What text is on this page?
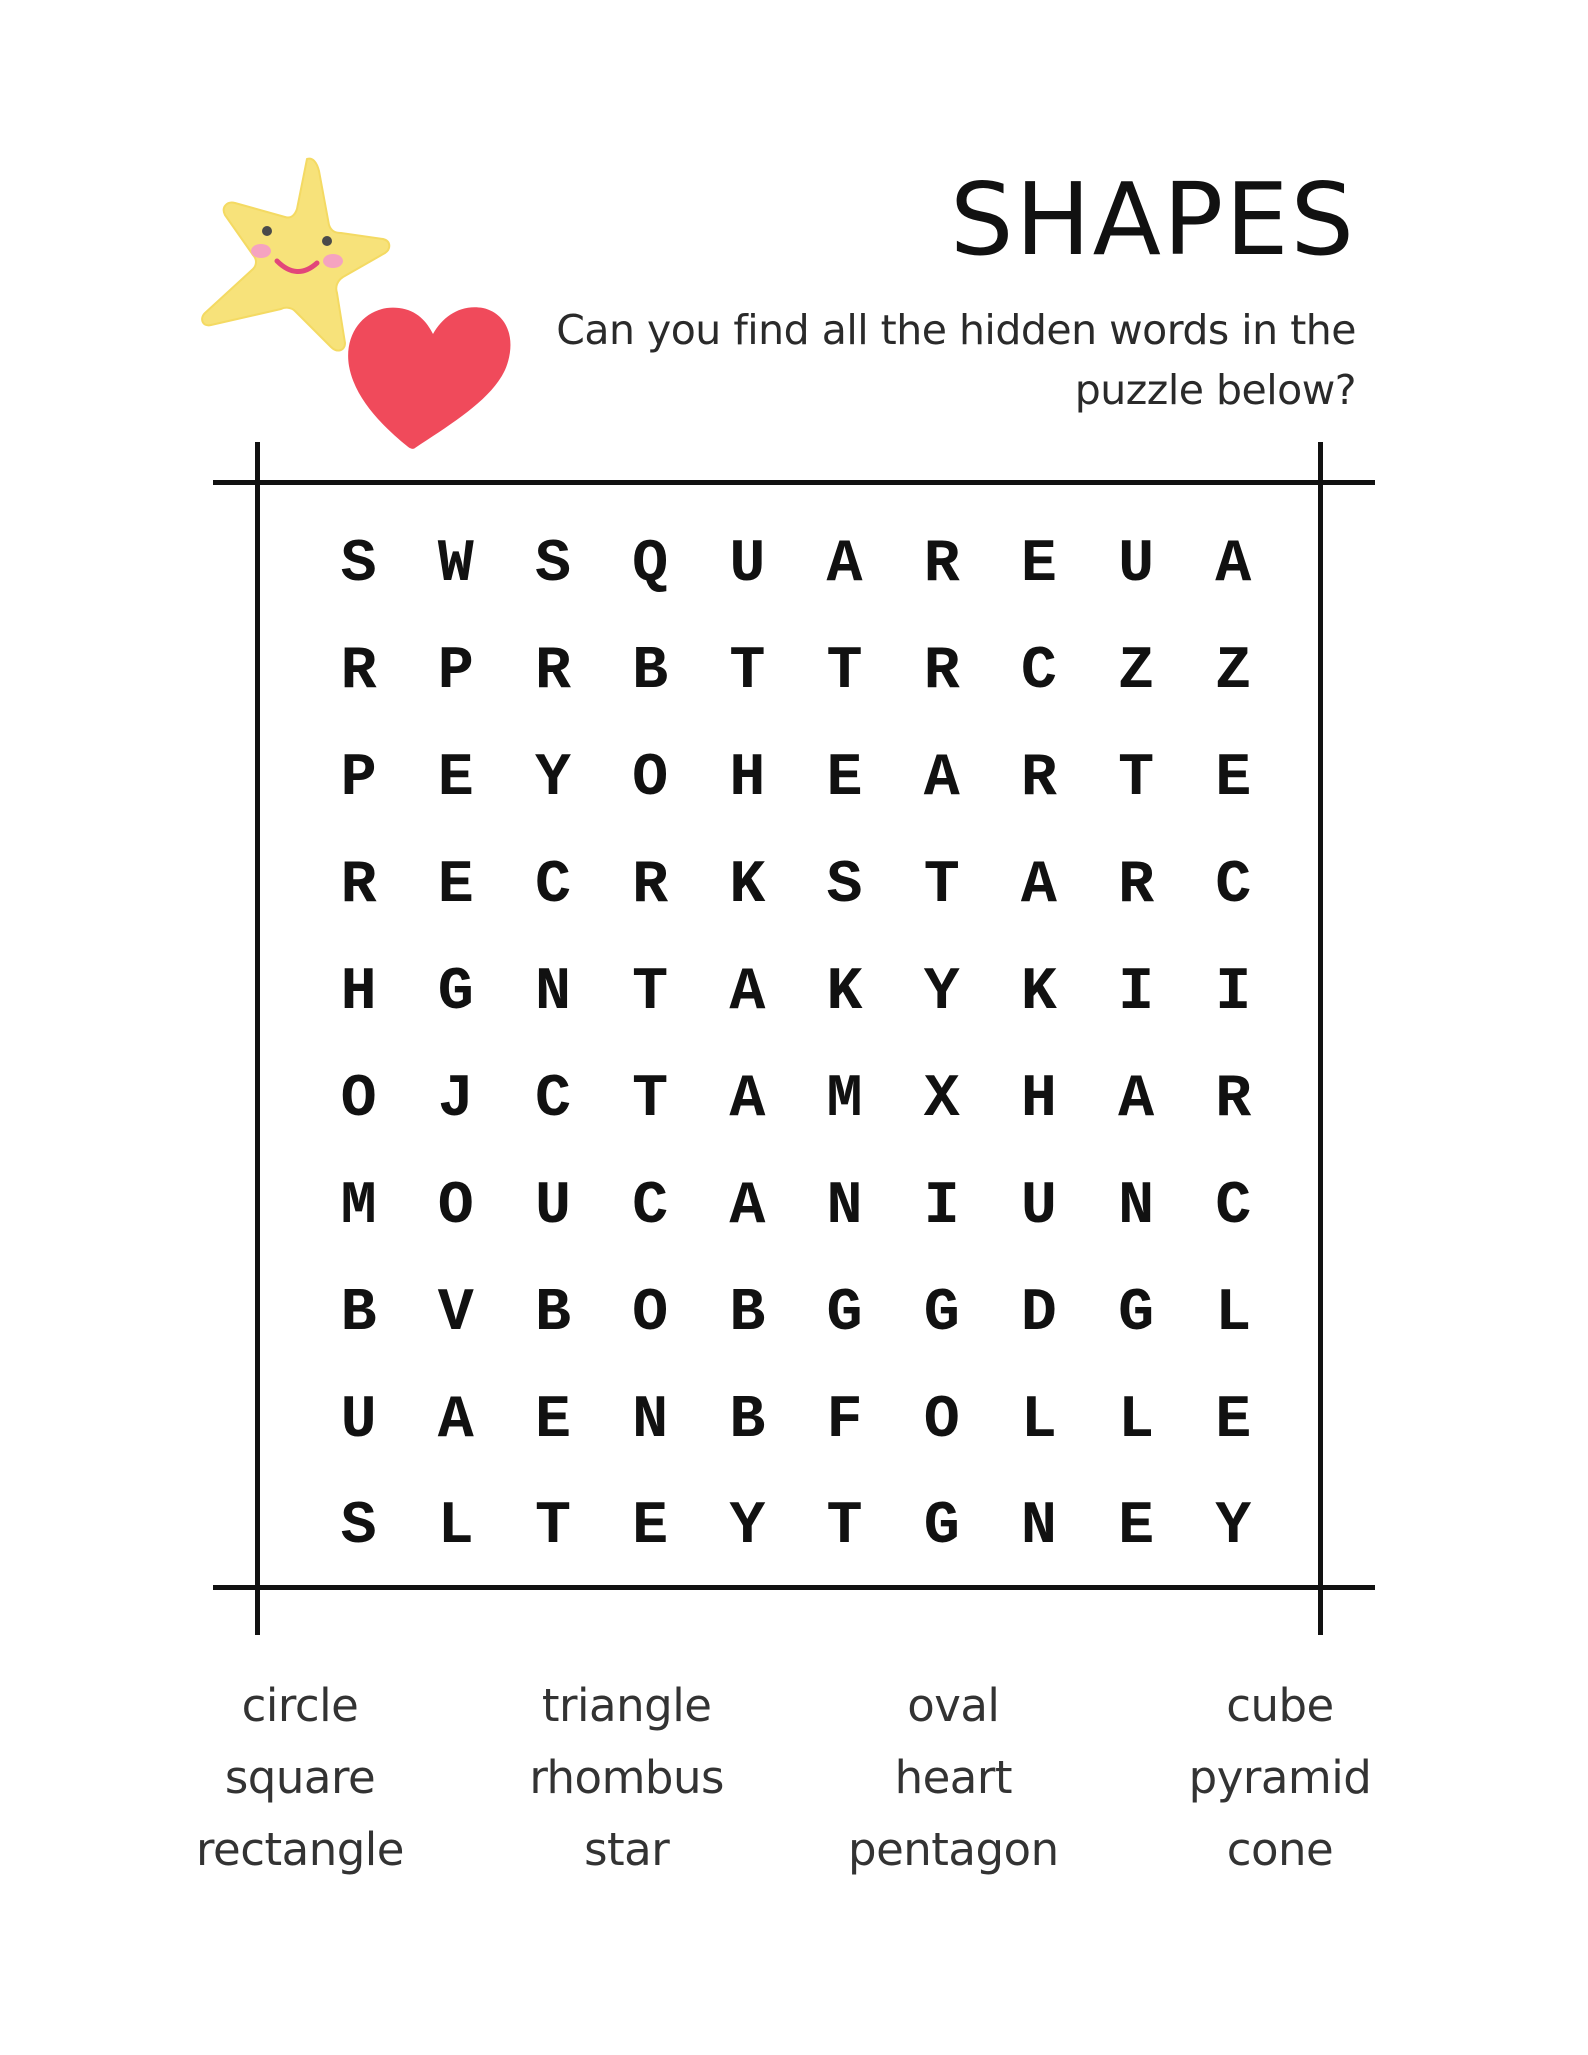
SHAPES

Can you find all the hidden words in the puzzle below?

S	W	S	Q	U	A	R	E	U	A
R	P	R	B	T	T	R	C	Z	Z
P	E	Y	O	H	E	A	R	T	E
R	E	C	R	K	S	T	A	R	C
H	G	N	T	A	K	Y	K	I	I
O	J	C	T	A	M	X	H	A	R
M	O	U	C	A	N	I	U	N	C
B	V	B	O	B	G	G	D	G	L
U	A	E	N	B	F	O	L	L	E
S	L	T	E	Y	T	G	N	E	Y
circle
square
rectangle
triangle
rhombus
star
oval
heart
pentagon
cube
pyramid
cone
